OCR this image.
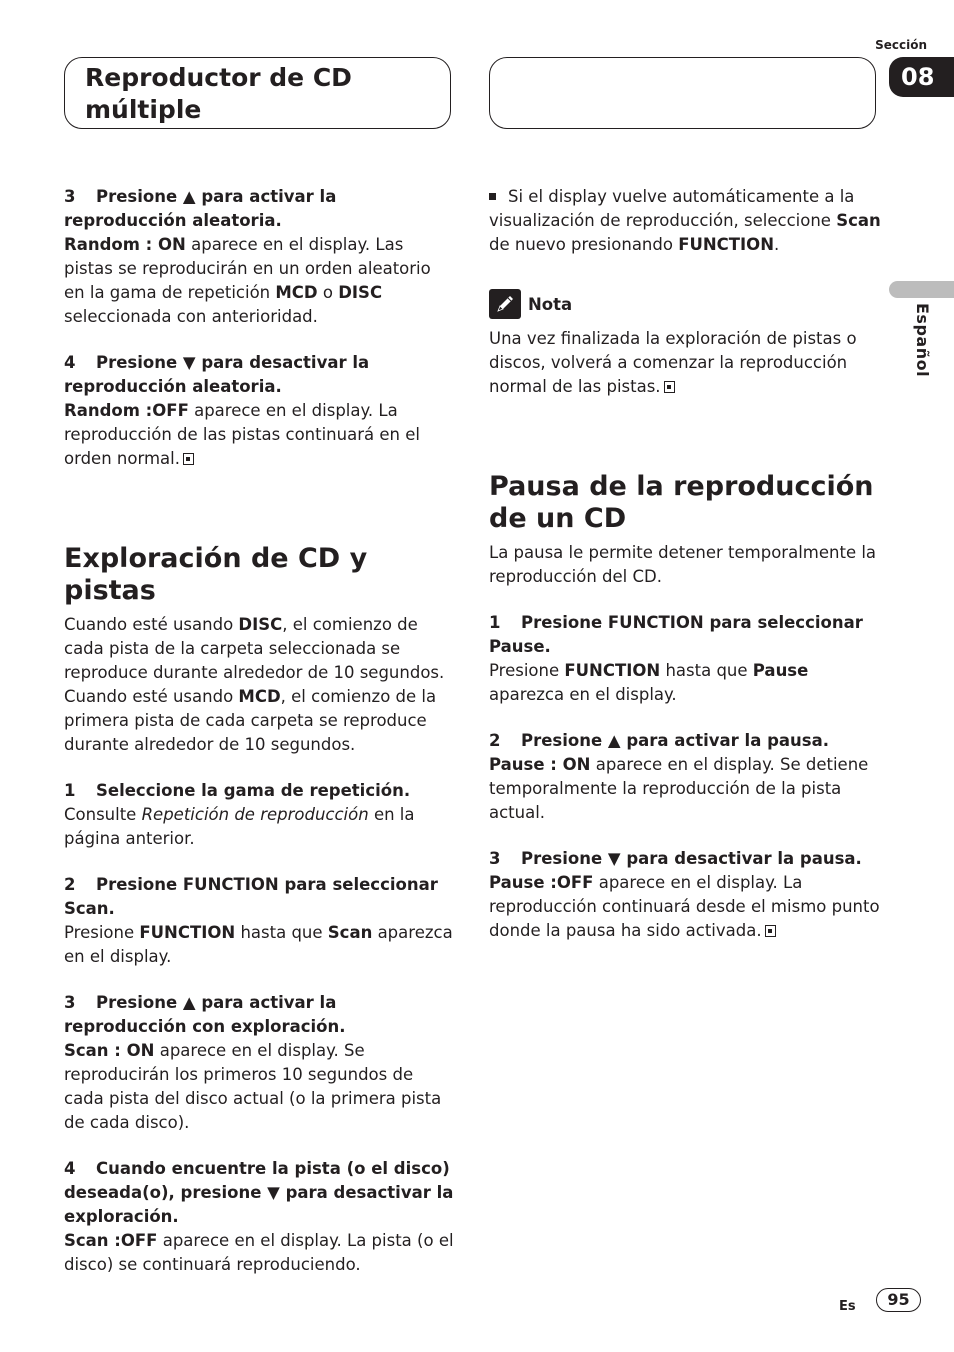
Reproductor de CD múltiple
Sección
08
Español

3 Presione ▲ para activar la reproducción aleatoria.

Random : ON aparece en el display. Las pistas se reproducirán en un orden aleatorio en la gama de repetición MCD o DISC seleccionada con anterioridad.

4 Presione ▼ para desactivar la reproducción aleatoria.

Random :OFF aparece en el display. La reproducción de las pistas continuará en el orden normal.

Exploración de CD y pistas

Cuando esté usando DISC, el comienzo de cada pista de la carpeta seleccionada se reproduce durante alrededor de 10 segundos. Cuando esté usando MCD, el comienzo de la primera pista de cada carpeta se reproduce durante alrededor de 10 segundos.

1 Seleccione la gama de repetición.

Consulte Repetición de reproducción en la página anterior.

2 Presione FUNCTION para seleccionar Scan.

Presione FUNCTION hasta que Scan aparezca en el display.

3 Presione ▲ para activar la reproducción con exploración.

Scan : ON aparece en el display. Se reproducirán los primeros 10 segundos de cada pista del disco actual (o la primera pista de cada disco).

4 Cuando encuentre la pista (o el disco) deseada(o), presione ▼ para desactivar la exploración.

Scan :OFF aparece en el display. La pista (o el disco) se continuará reproduciendo.

Si el display vuelve automáticamente a la visualización de reproducción, seleccione Scan de nuevo presionando FUNCTION.

Nota

Una vez finalizada la exploración de pistas o discos, volverá a comenzar la reproducción normal de las pistas.

Pausa de la reproducción de un CD

La pausa le permite detener temporalmente la reproducción del CD.

1 Presione FUNCTION para seleccionar Pause.

Presione FUNCTION hasta que Pause aparezca en el display.

2 Presione ▲ para activar la pausa.

Pause : ON aparece en el display. Se detiene temporalmente la reproducción de la pista actual.

3 Presione ▼ para desactivar la pausa.

Pause :OFF aparece en el display. La reproducción continuará desde el mismo punto donde la pausa ha sido activada.

Es	95
